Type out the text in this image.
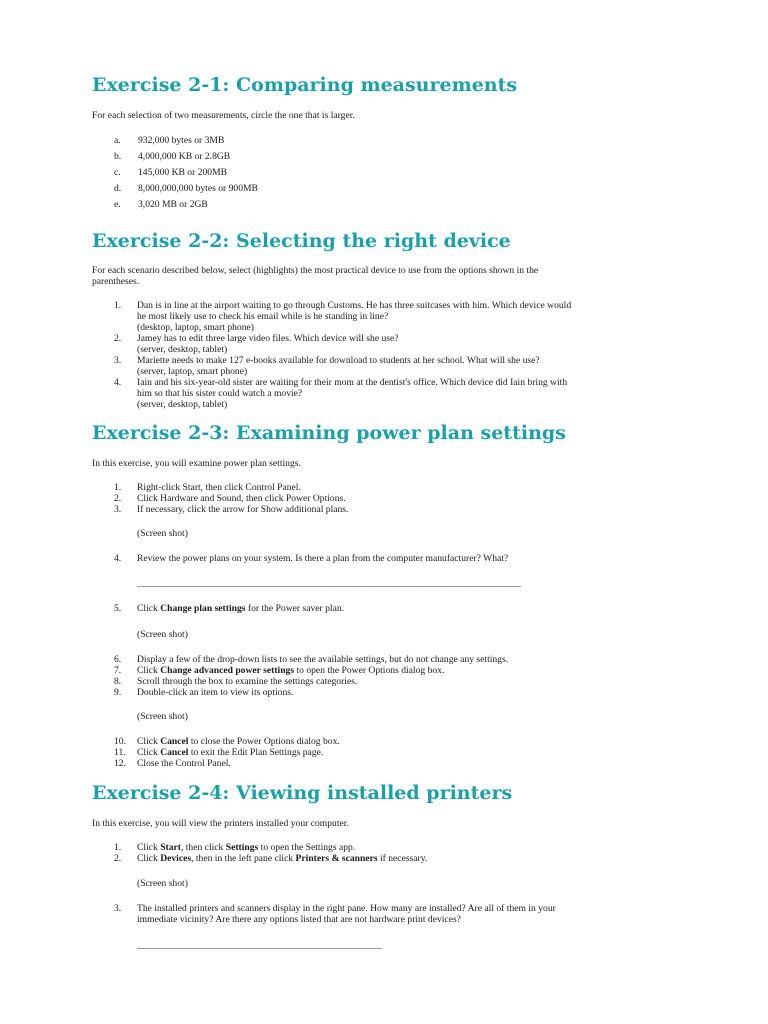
Exercise 2-1: Comparing measurements

For each selection of two measurements, circle the one that is larger.

a.	932,000 bytes or 3MB
b.	4,000,000 KB or 2.8GB
c.	145,000 KB or 200MB
d.	8,000,000,000 bytes or 900MB
e.	3,020 MB or 2GB
Exercise 2-2: Selecting the right device

For each scenario described below, select (highlights) the most practical device to use from the options shown in the

parentheses.

1. Dan is in line at the airport waiting to go through Customs. He has three suitcases with him. Which device would
he most likely use to check his email while is he standing in line?
(desktop, laptop, smart phone)
2. Jamey has to edit three large video files. Which device will she use?
(server, desktop, tablet)
3. Mariette needs to make 127 e-books available for download to students at her school. What will she use?
(server, laptop, smart phone)
4. Iain and his six-year-old sister are waiting for their mom at the dentist's office. Which device did Iain bring with
him so that his sister could watch a movie?
(server, desktop, tablet)
Exercise 2-3: Examining power plan settings

In this exercise, you will examine power plan settings.

1.	Right-click Start, then click Control Panel.
2.	Click Hardware and Sound, then click Power Options.
3.	If necessary, click the arrow for Show additional plans.

(Screen shot)

4.	Review the power plans on your system. Is there a plan from the computer manufacturer? What?
________________________________________________________________________________
5.	Click Change plan settings for the Power saver plan.

(Screen shot)

6.	Display a few of the drop-down lists to see the available settings, but do not change any settings.
7.	Click Change advanced power settings to open the Power Options dialog box.
8.	Scroll through the box to examine the settings categories.
9.	Double-click an item to view its options.

(Screen shot)

10.	Click Cancel to close the Power Options dialog box.
11.	Click Cancel to exit the Edit Plan Settings page.
12.	Close the Control Panel.
Exercise 2-4: Viewing installed printers

In this exercise, you will view the printers installed your computer.

1.	Click Start, then click Settings to open the Settings app.
2.	Click Devices, then in the left pane click Printers & scanners if necessary.

(Screen shot)

3. The installed printers and scanners display in the right pane. How many are installed? Are all of them in your
immediate vicinity? Are there any options listed that are not hardware print devices?
___________________________________________________
